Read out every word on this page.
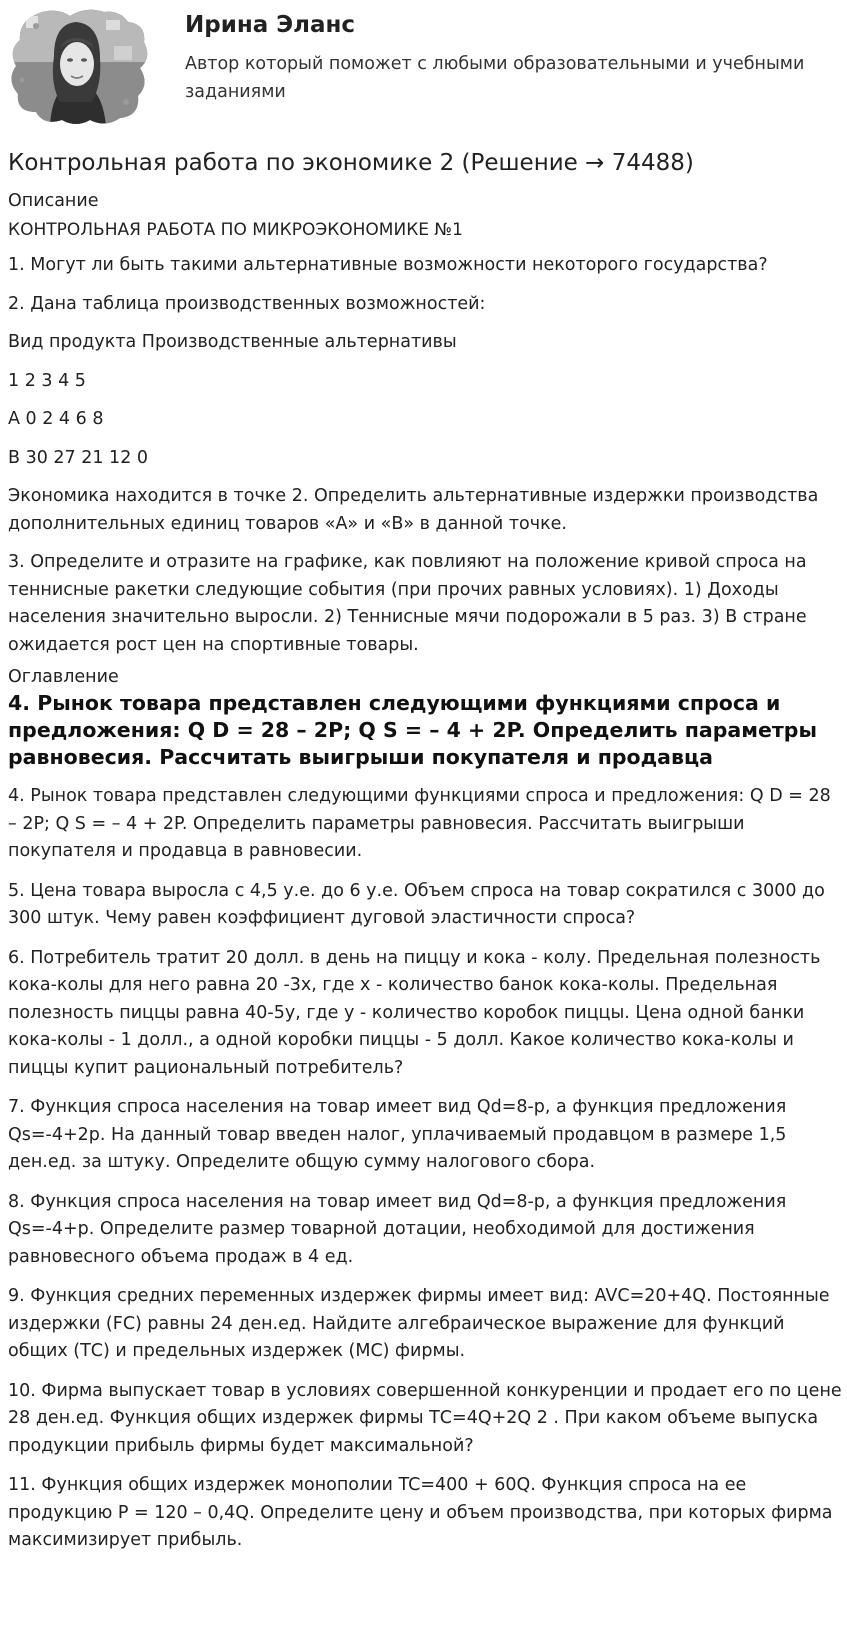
Ирина Эланс

Автор который поможет с любыми образовательными и учебными заданиями

Контрольная работа по экономике 2 (Решение → 74488)
Описание
КОНТРОЛЬНАЯ РАБОТА ПО МИКРОЭКОНОМИКЕ №1

1. Могут ли быть такими альтернативные возможности некоторого государства?

2. Дана таблица производственных возможностей:

Вид продукта Производственные альтернативы

1 2 3 4 5

А 0 2 4 6 8

В 30 27 21 12 0

Экономика находится в точке 2. Определить альтернативные издержки производства дополнительных единиц товаров «А» и «В» в данной точке.

3. Определите и отразите на графике, как повлияют на положение кривой спроса на теннисные ракетки следующие события (при прочих равных условиях). 1) Доходы населения значительно выросли. 2) Теннисные мячи подорожали в 5 раз. 3) В стране ожидается рост цен на спортивные товары.

Оглавление
4. Рынок товара представлен следующими функциями спроса и предложения: Q D = 28 – 2P; Q S = – 4 + 2P. Определить параметры равновесия. Рассчитать выигрыши покупателя и продавца

4. Рынок товара представлен следующими функциями спроса и предложения: Q D = 28 – 2P; Q S = – 4 + 2P. Определить параметры равновесия. Рассчитать выигрыши покупателя и продавца в равновесии.

5. Цена товара выросла с 4,5 у.е. до 6 у.е. Объем спроса на товар сократился с 3000 до 300 штук. Чему равен коэффициент дуговой эластичности спроса?

6. Потребитель тратит 20 долл. в день на пиццу и кока - колу. Предельная полезность кока-колы для него равна 20 -3х, где х - количество банок кока-колы. Предельная полезность пиццы равна 40-5у, где у - количество коробок пиццы. Цена одной банки кока-колы - 1 долл., а одной коробки пиццы - 5 долл. Какое количество кока-колы и пиццы купит рациональный потребитель?

7. Функция спроса населения на товар имеет вид Qd=8-р, а функция предложения Qs=-4+2р. На данный товар введен налог, уплачиваемый продавцом в размере 1,5 ден.ед. за штуку. Определите общую сумму налогового сбора.

8. Функция спроса населения на товар имеет вид Qd=8-р, а функция предложения Qs=-4+р. Определите размер товарной дотации, необходимой для достижения равновесного объема продаж в 4 ед.

9. Функция средних переменных издержек фирмы имеет вид: AVC=20+4Q. Постоянные издержки (FC) равны 24 ден.ед. Найдите алгебраическое выражение для функций общих (ТС) и предельных издержек (МС) фирмы.

10. Фирма выпускает товар в условиях совершенной конкуренции и продает его по цене 28 ден.ед. Функция общих издержек фирмы ТС=4Q+2Q 2 . При каком объеме выпуска продукции прибыль фирмы будет максимальной?

11. Функция общих издержек монополии TC=400 + 60Q. Функция спроса на ее продукцию P = 120 – 0,4Q. Определите цену и объем производства, при которых фирма максимизирует прибыль.
